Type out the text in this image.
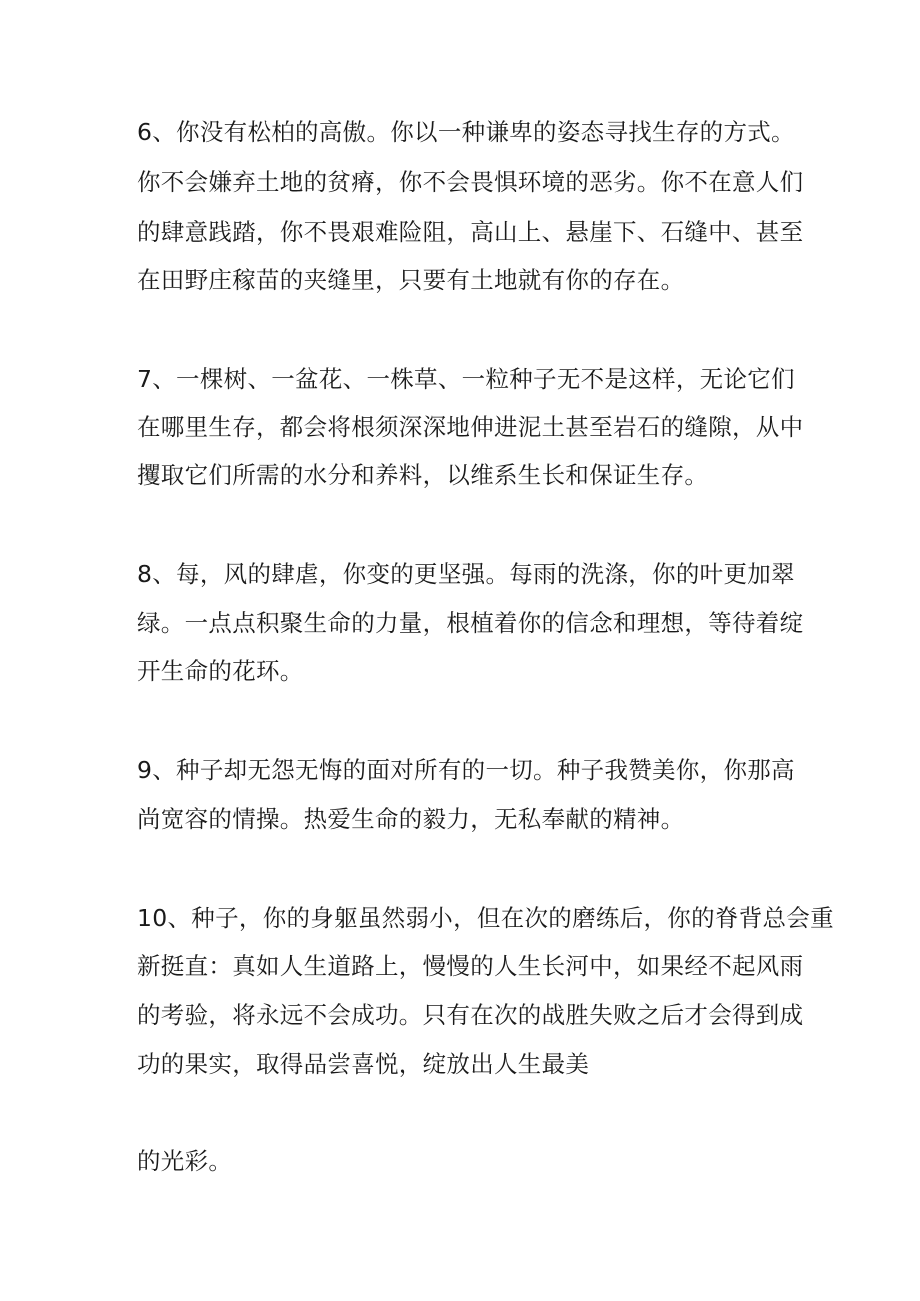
6、你没有松柏的高傲。你以一种谦卑的姿态寻找生存的方式。
你不会嫌弃土地的贫瘠，你不会畏惧环境的恶劣。你不在意人们
的肆意践踏，你不畏艰难险阻，高山上、悬崖下、石缝中、甚至
在田野庄稼苗的夹缝里，只要有土地就有你的存在。
7、一棵树、一盆花、一株草、一粒种子无不是这样，无论它们
在哪里生存，都会将根须深深地伸进泥土甚至岩石的缝隙，从中
攫取它们所需的水分和养料，以维系生长和保证生存。
8、每，风的肆虐，你变的更坚强。每雨的洗涤，你的叶更加翠
绿。一点点积聚生命的力量，根植着你的信念和理想，等待着绽
开生命的花环。
9、种子却无怨无悔的面对所有的一切。种子我赞美你，你那高
尚宽容的情操。热爱生命的毅力，无私奉献的精神。
10、种子，你的身躯虽然弱小，但在次的磨练后，你的脊背总会重
新挺直：真如人生道路上，慢慢的人生长河中，如果经不起风雨
的考验，将永远不会成功。只有在次的战胜失败之后才会得到成
功的果实，取得品尝喜悦，绽放出人生最美
的光彩。
